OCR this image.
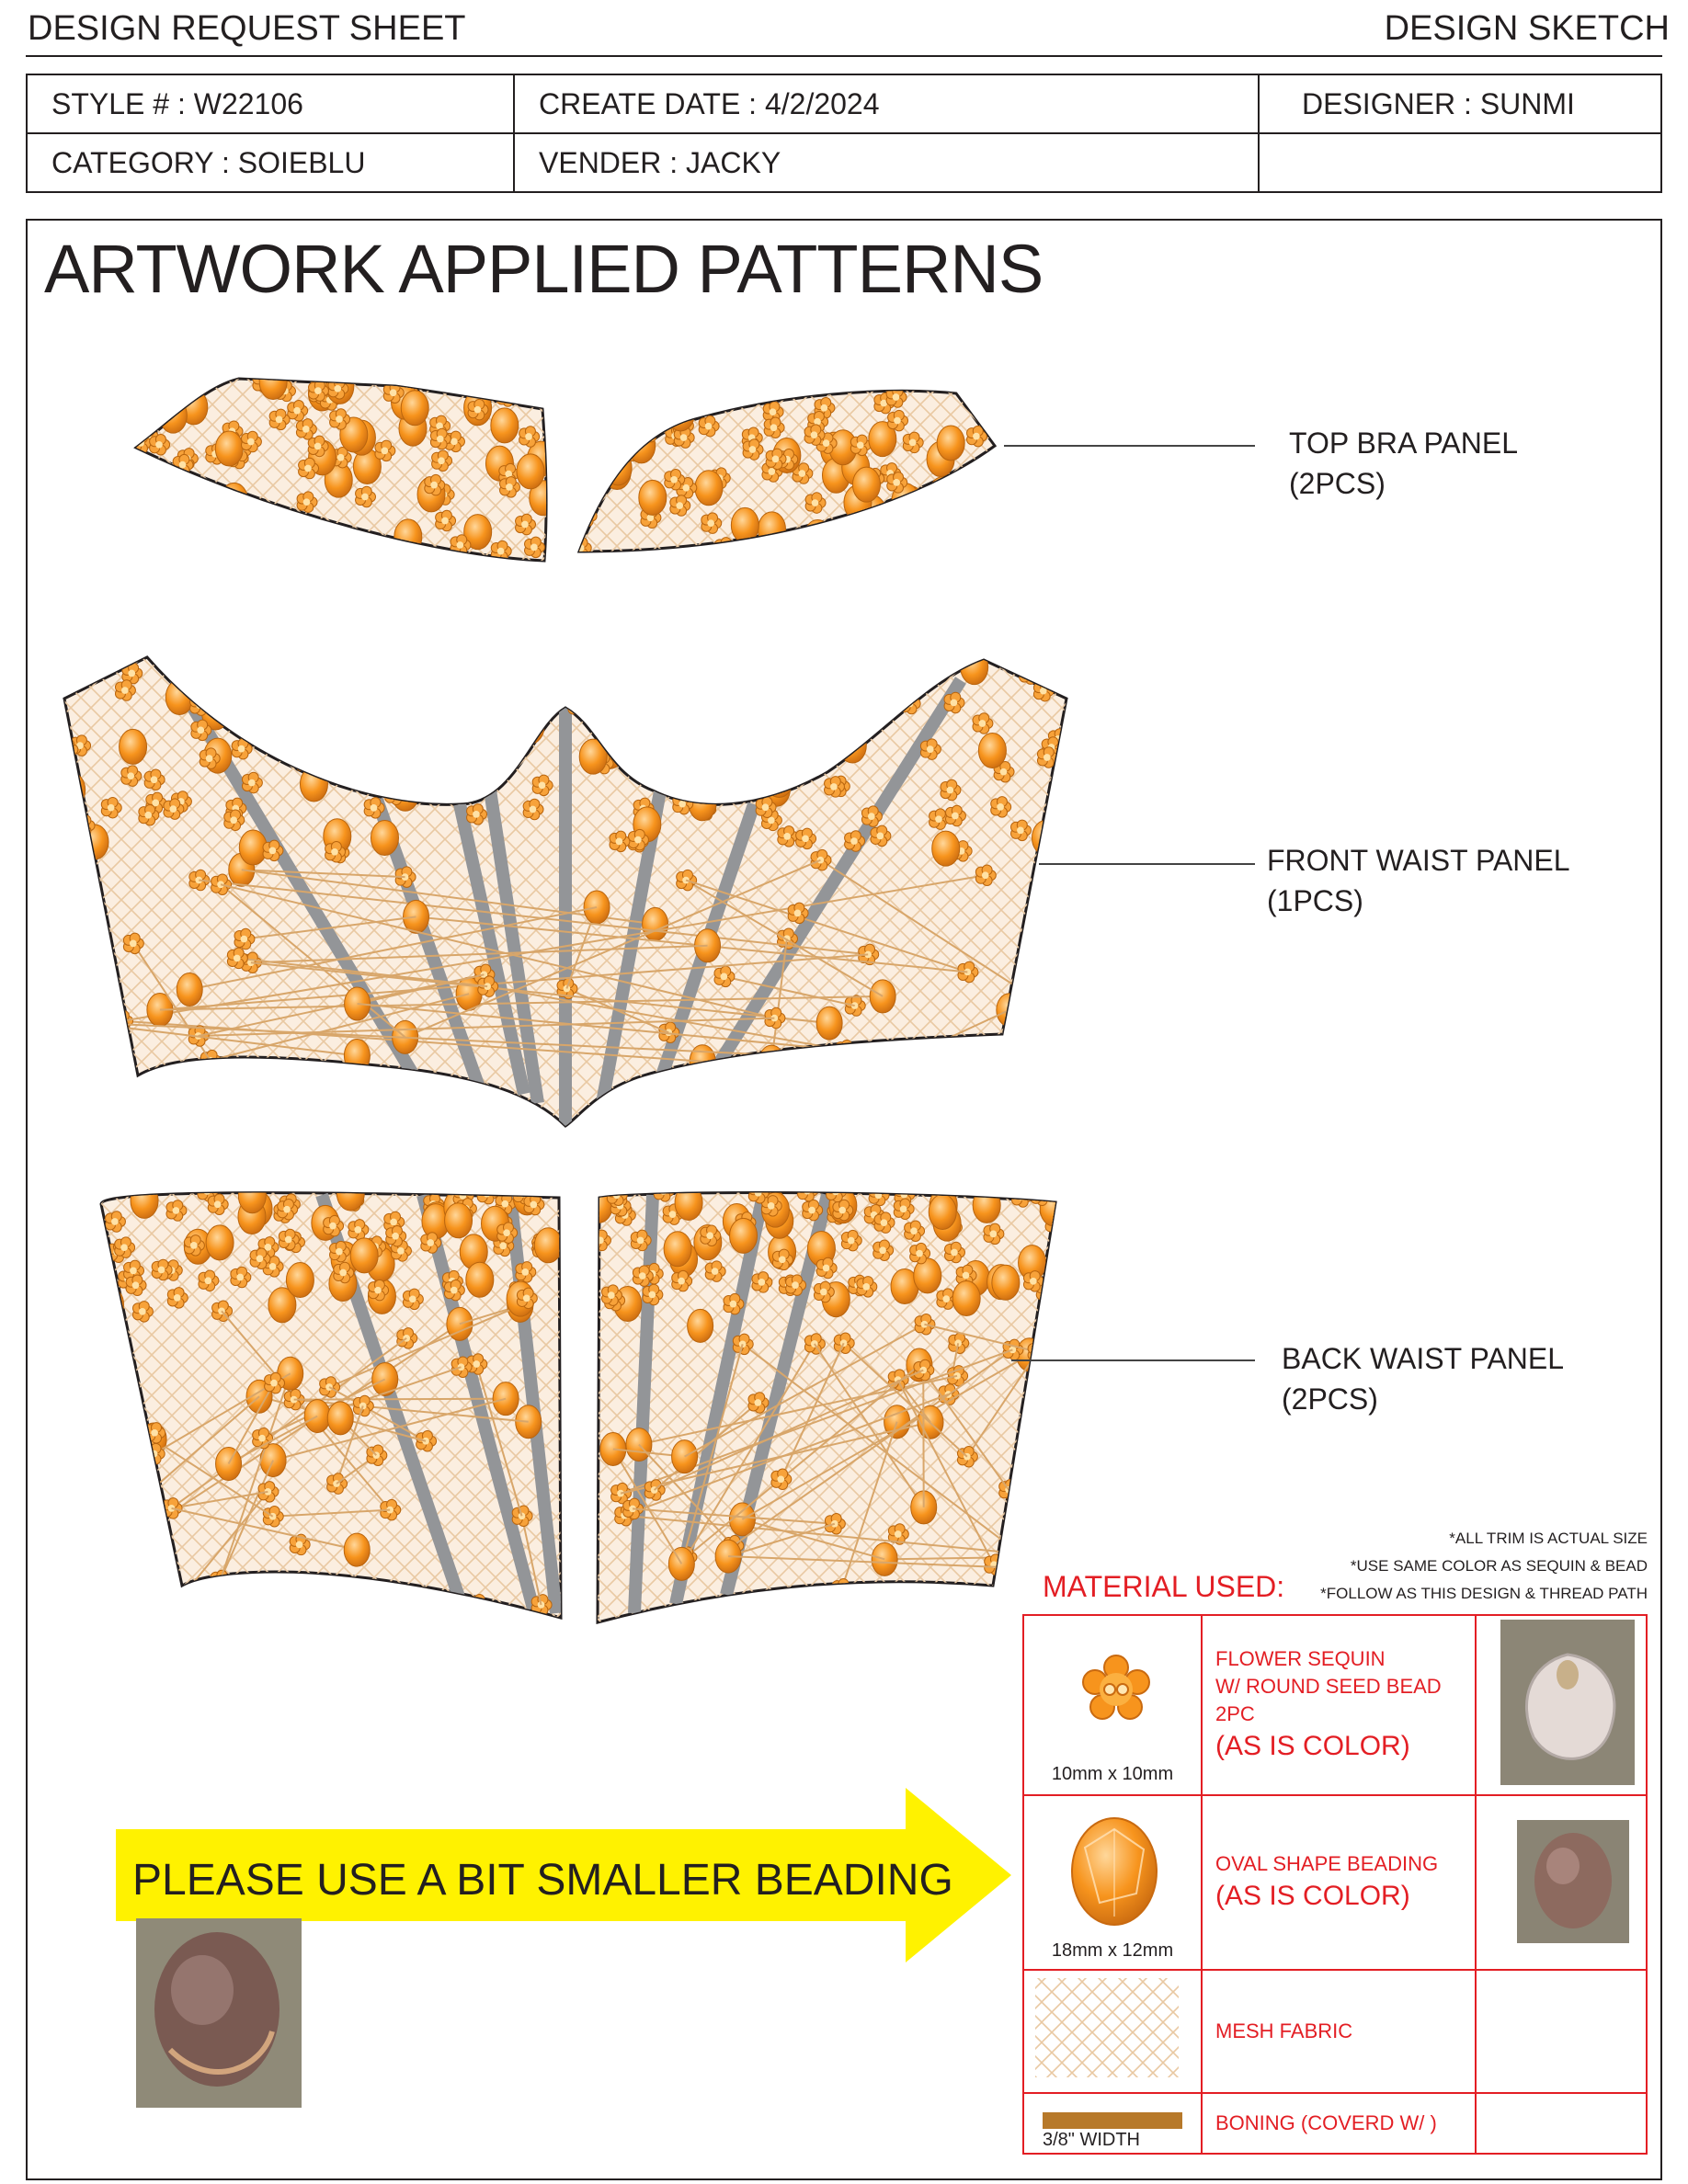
DESIGN REQUEST SHEET	DESIGN SKETCH
STYLE # : W22106	CREATE DATE : 4/2/2024	DESIGNER : SUNMI
CATEGORY : SOIEBLU	VENDER : JACKY	
ARTWORK APPLIED PATTERNS
TOP BRA PANEL
(2PCS)
FRONT WAIST PANEL
(1PCS)
BACK WAIST PANEL
(2PCS)
*ALL TRIM IS ACTUAL SIZE
*USE SAME COLOR AS SEQUIN & BEAD
*FOLLOW AS THIS DESIGN & THREAD PATH
MATERIAL USED:
10mm x 10mm	FLOWER SEQUIN
W/ ROUND SEED BEAD 2PC
(AS IS COLOR)	

18mm x 12mm	OVAL SHAPE BEADING
(AS IS COLOR)	

	MESH FABRIC	

3/8" WIDTH	BONING (COVERD W/ )	

PLEASE USE A BIT SMALLER BEADING
